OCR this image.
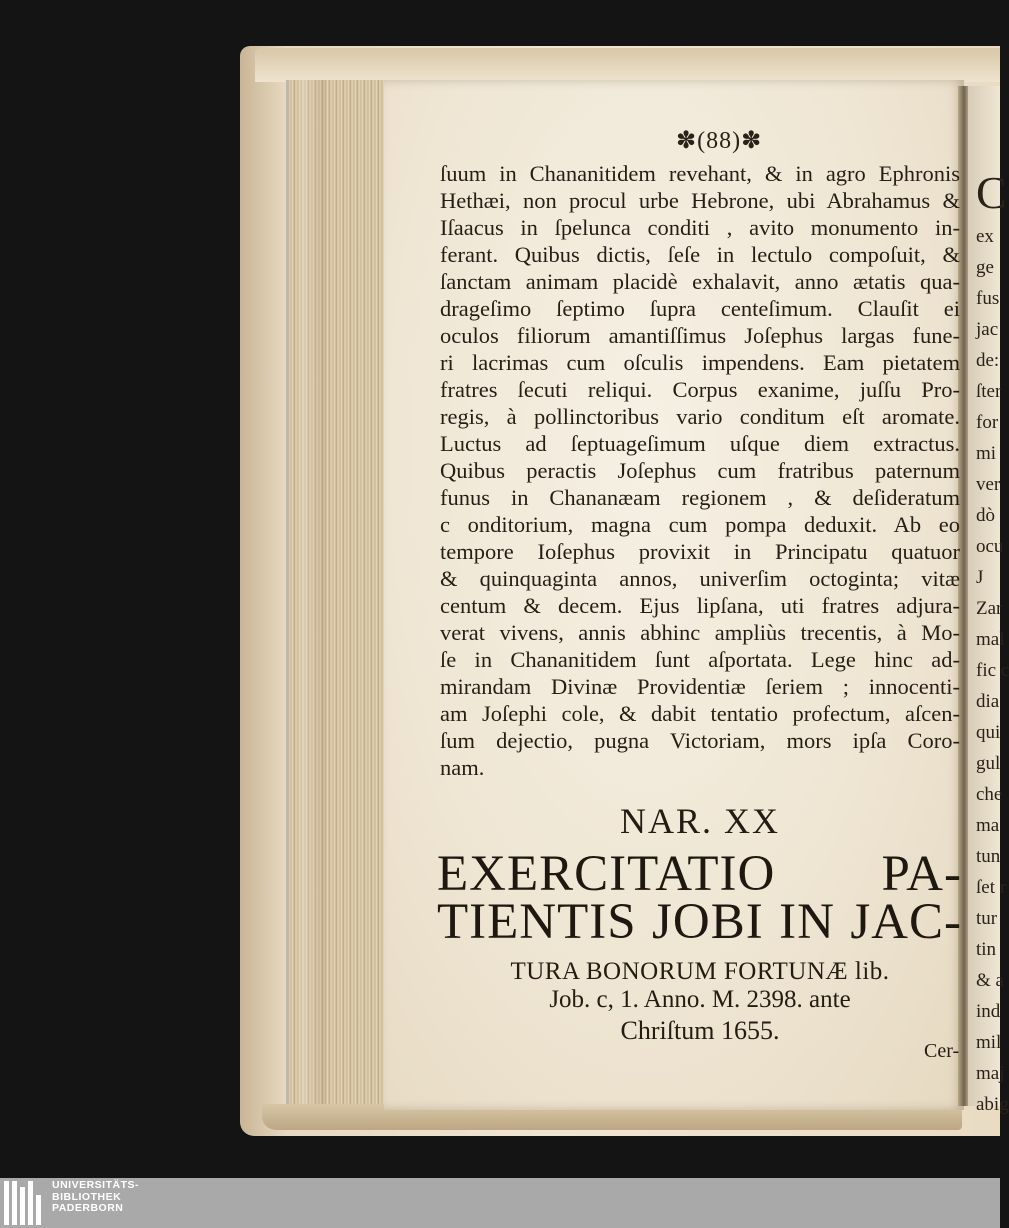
C
ex
ge
fus
jac
de:
ſter
for
mi
ver
dò
ocu
J
Zar
mal
fic c
dia
qui
gul
che
ma
tun
ſet r
tur
tin
& a
ind
mil
maj
abig
✽(88)✽
ſuum in Chananitidem revehant, & in agro Ephronis
Hethæi, non procul urbe Hebrone, ubi Abrahamus &
Iſaacus in ſpelunca conditi , avito monumento in-
ferant. Quibus dictis, ſeſe in lectulo compoſuit, &
ſanctam animam placidè exhalavit, anno ætatis qua-
drageſimo ſeptimo ſupra centeſimum. Clauſit ei
oculos filiorum amantiſſimus Joſephus largas fune-
ri lacrimas cum oſculis impendens. Eam pietatem
fratres ſecuti reliqui. Corpus exanime, juſſu Pro-
regis, à pollinctoribus vario conditum eſt aromate.
Luctus ad ſeptuageſimum uſque diem extractus.
Quibus peractis Joſephus cum fratribus paternum
funus in Chananæam regionem , & deſideratum
c onditorium, magna cum pompa deduxit. Ab eo
tempore Ioſephus provixit in Principatu quatuor
& quinquaginta annos, univerſim octoginta; vitæ
centum & decem. Ejus lipſana, uti fratres adjura-
verat vivens, annis abhinc ampliùs trecentis, à Mo-
ſe in Chananitidem ſunt aſportata. Lege hinc ad-
mirandam Divinæ Providentiæ ſeriem ; innocenti-
am Joſephi cole, & dabit tentatio profectum, aſcen-
ſum dejectio, pugna Victoriam, mors ipſa Coro-
nam.
NAR. XX
EXERCITATIO PA-
TIENTIS JOBI IN JAC-
TURA BONORUM FORTUNÆ lib.
Job. c, 1. Anno. M. 2398. ante
Chriſtum 1655.
Cer-
UNIVERSITÄTS-
BIBLIOTHEK
PADERBORN
